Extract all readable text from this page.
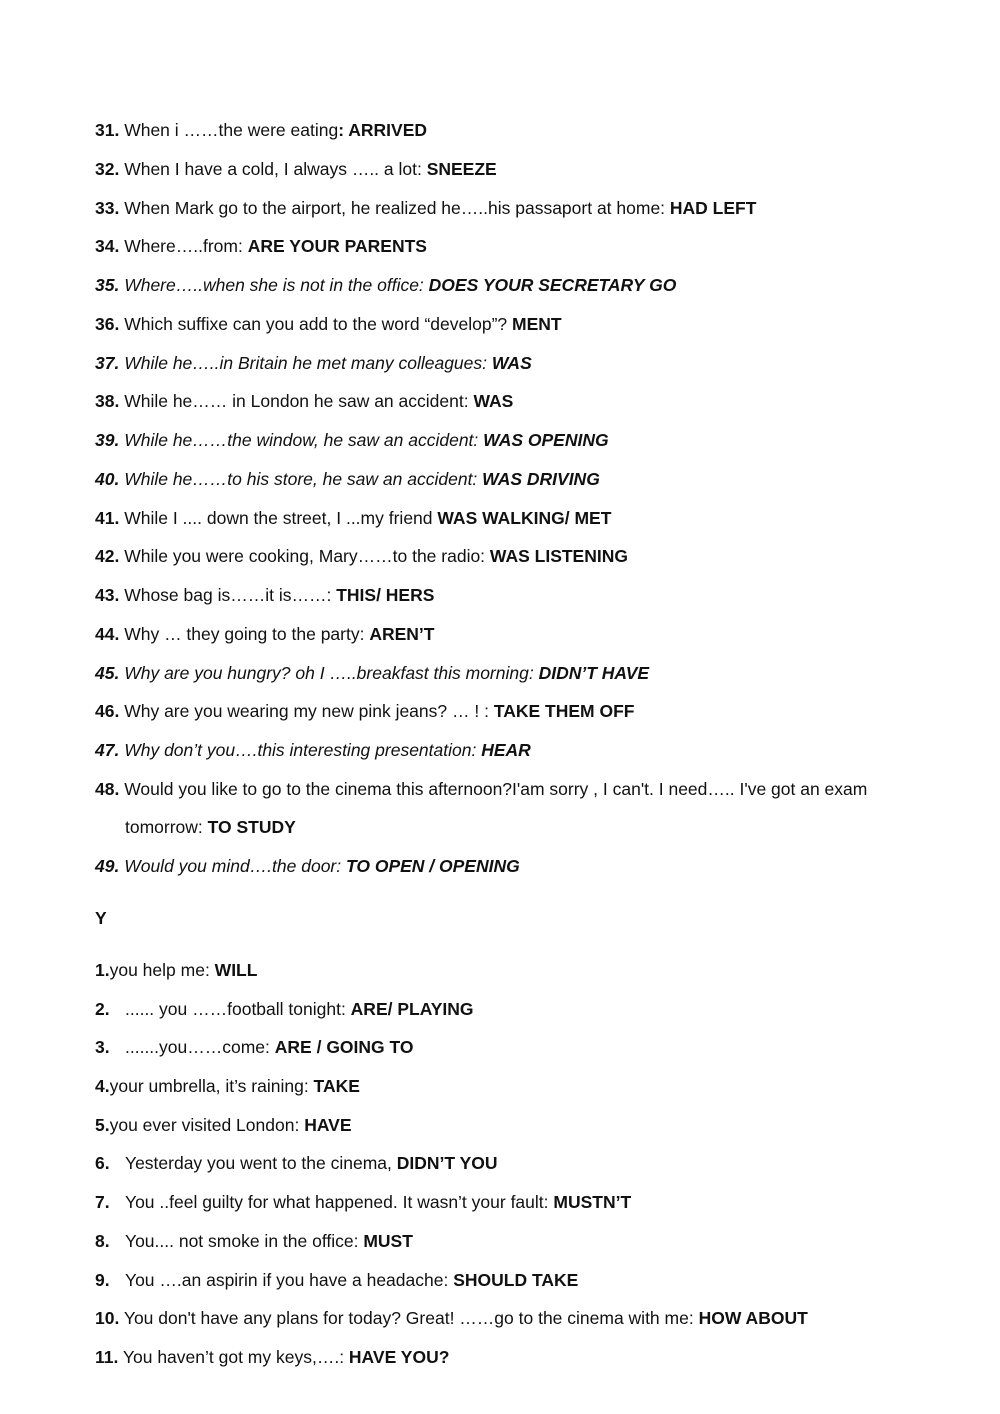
31. When i ……the were eating: ARRIVED
32. When I have a cold, I always ….. a lot: SNEEZE
33. When Mark go to the airport, he realized he…..his passaport at home: HAD LEFT
34. Where…..from: ARE YOUR PARENTS
35. Where…..when she is not in the office: DOES YOUR SECRETARY GO
36. Which suffixe can you add to the word “develop”? MENT
37. While he…..in Britain he met many colleagues: WAS
38. While he…… in London he saw an accident: WAS
39. While he……the window, he saw an accident: WAS OPENING
40. While he……to his store, he saw an accident: WAS DRIVING
41. While I .... down the street, I ...my friend WAS WALKING/ MET
42. While you were cooking, Mary……to the radio: WAS LISTENING
43. Whose bag is……it is……: THIS/ HERS
44. Why … they going to the party: AREN’T
45. Why are you hungry? oh I …..breakfast this morning: DIDN’T HAVE
46. Why are you wearing my new pink jeans? … ! : TAKE THEM OFF
47. Why don’t you….this interesting presentation: HEAR
48. Would you like to go to the cinema this afternoon?I'am sorry , I can't. I need….. I've got an exam
tomorrow: TO STUDY
49. Would you mind….the door: TO OPEN / OPENING
Y
1.you help me: WILL
2. ...... you ……football tonight: ARE/ PLAYING
3. .......you……come: ARE / GOING TO
4.your umbrella, it’s raining: TAKE
5.you ever visited London: HAVE
6. Yesterday you went to the cinema, DIDN’T YOU
7. You ..feel guilty for what happened. It wasn’t your fault: MUSTN’T
8. You.... not smoke in the office: MUST
9. You ….an aspirin if you have a headache: SHOULD TAKE
10. You don't have any plans for today? Great! ……go to the cinema with me: HOW ABOUT
11. You haven’t got my keys,….: HAVE YOU?
